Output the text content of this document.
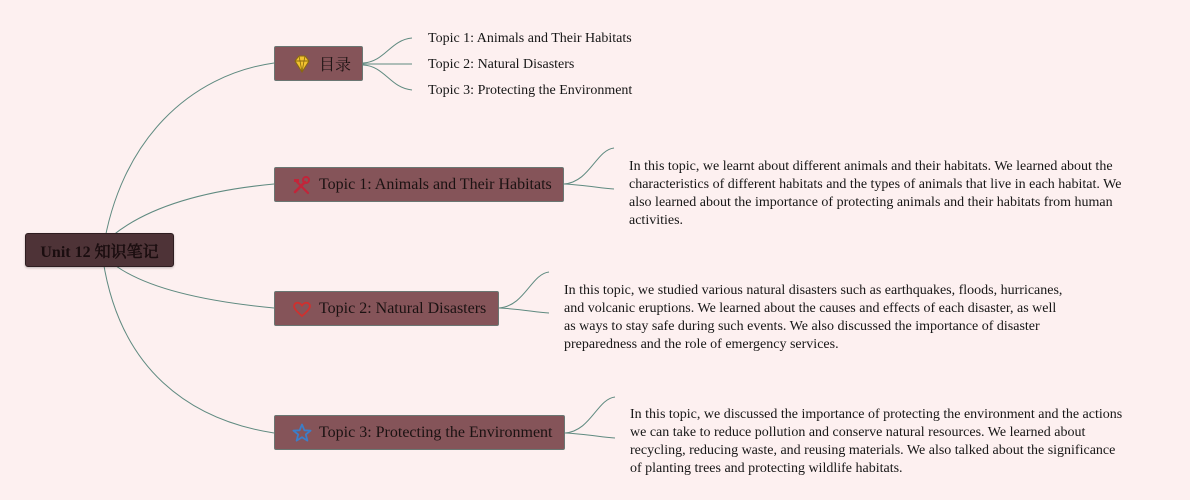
Unit 12 知识笔记
目录
Topic 1: Animals and Their Habitats
Topic 2: Natural Disasters
Topic 3: Protecting the Environment
Topic 1: Animals and Their Habitats
In this topic, we learnt about different animals and their habitats. We learned about the characteristics of different habitats and the types of animals that live in each habitat. We also learned about the importance of protecting animals and their habitats from human activities.
Topic 2: Natural Disasters
In this topic, we studied various natural disasters such as earthquakes, floods, hurricanes, and volcanic eruptions. We learned about the causes and effects of each disaster, as well as ways to stay safe during such events. We also discussed the importance of disaster preparedness and the role of emergency services.
Topic 3: Protecting the Environment
In this topic, we discussed the importance of protecting the environment and the actions we can take to reduce pollution and conserve natural resources. We learned about recycling, reducing waste, and reusing materials. We also talked about the significance of planting trees and protecting wildlife habitats.
